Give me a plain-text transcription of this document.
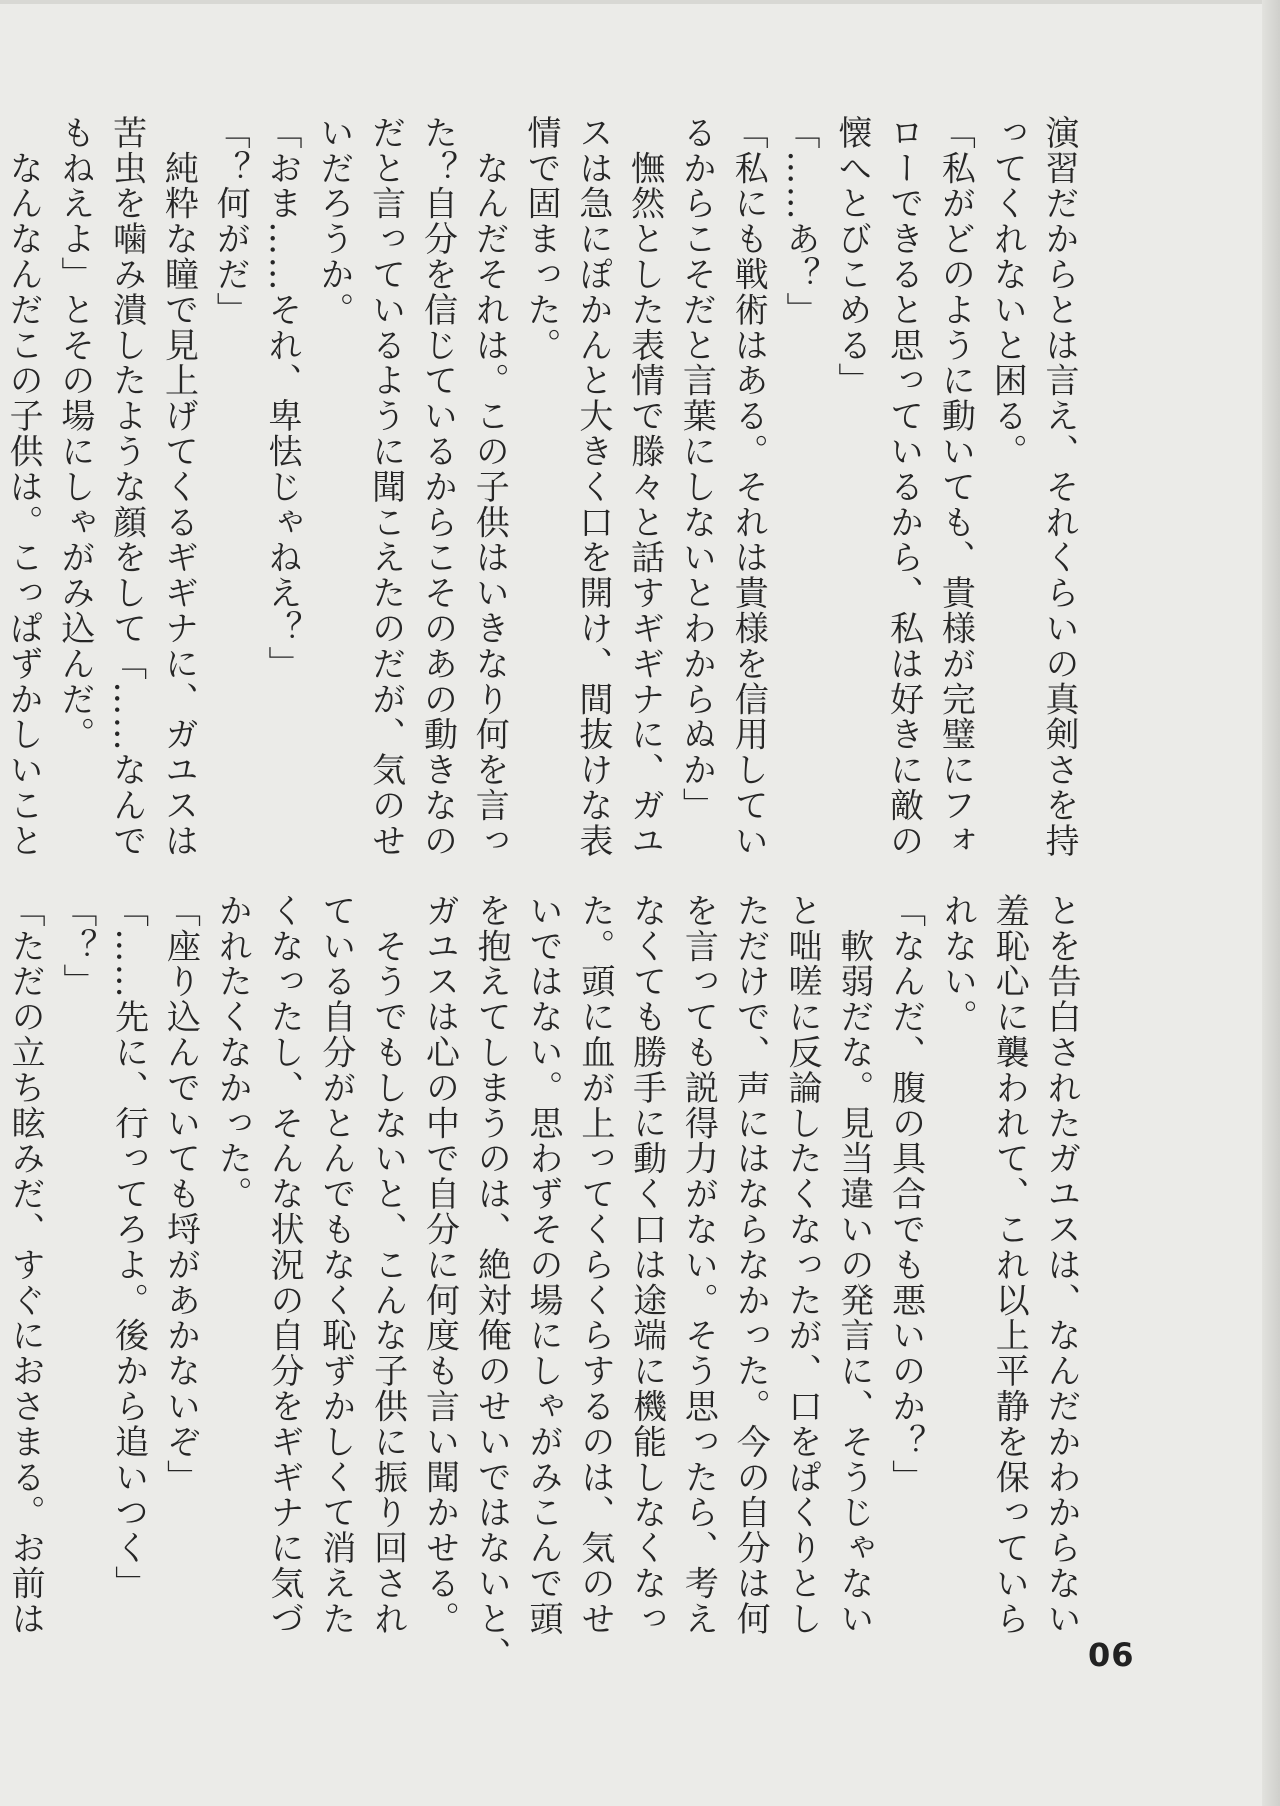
演習だからとは言え、それくらいの真剣さを持
ってくれないと困る。
「私がどのように動いても、貴様が完璧にフォ
ローできると思っているから、私は好きに敵の
懐へとびこめる」
「……あ？」
「私にも戦術はある。それは貴様を信用してい
るからこそだと言葉にしないとわからぬか」
　憮然とした表情で滕々と話すギギナに、ガユ
スは急にぽかんと大きく口を開け、間抜けな表
情で固まった。
　なんだそれは。この子供はいきなり何を言っ
た？自分を信じているからこそのあの動きなの
だと言っているように聞こえたのだが、気のせ
いだろうか。
「おま……それ、卑怯じゃねえ？」
「？何がだ」
　純粋な瞳で見上げてくるギギナに、ガユスは
苦虫を噛み潰したような顔をして「……なんで
もねえよ」とその場にしゃがみ込んだ。
　なんなんだこの子供は。こっぱずかしいこと
とを告白されたガユスは、なんだかわからない
羞恥心に襲われて、これ以上平静を保っていら
れない。
「なんだ、腹の具合でも悪いのか？」
　軟弱だな。見当違いの発言に、そうじゃない
と咄嗟に反論したくなったが、口をぱくりとし
ただけで、声にはならなかった。今の自分は何
を言っても説得力がない。そう思ったら、考え
なくても勝手に動く口は途端に機能しなくなっ
た。頭に血が上ってくらくらするのは、気のせ
いではない。思わずその場にしゃがみこんで頭
を抱えてしまうのは、絶対俺のせいではないと、
ガユスは心の中で自分に何度も言い聞かせる。
　そうでもしないと、こんな子供に振り回され
ている自分がとんでもなく恥ずかしくて消えた
くなったし、そんな状況の自分をギギナに気づ
かれたくなかった。
「座り込んでいても埒があかないぞ」
「……先に、行ってろよ。後から追いつく」
「？」
「ただの立ち眩みだ、すぐにおさまる。お前は
06
